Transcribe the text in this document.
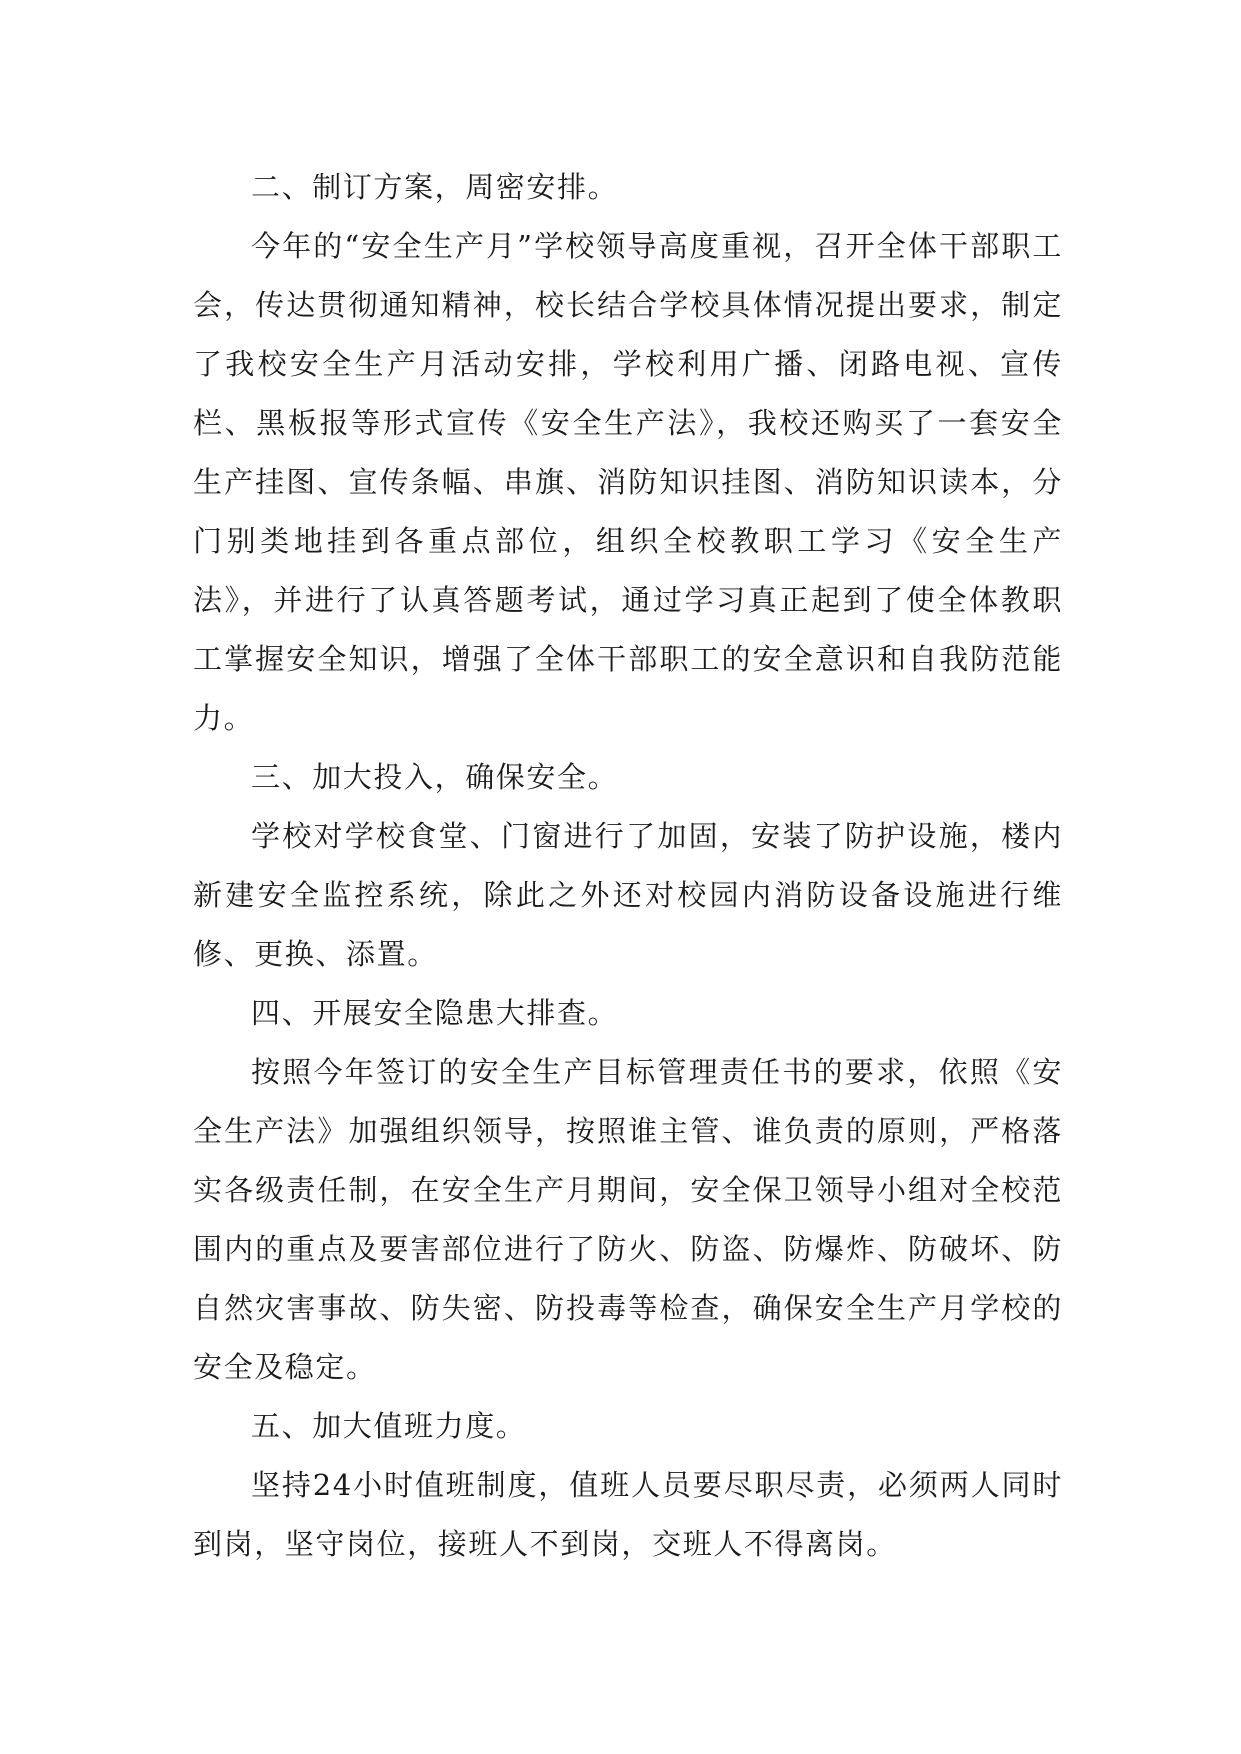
二、制订方案，周密安排。

今年的“安全生产月”学校领导高度重视，召开全体干部职工会，传达贯彻通知精神，校长结合学校具体情况提出要求，制定了我校安全生产月活动安排，学校利用广播、闭路电视、宣传栏、黑板报等形式宣传《安全生产法》，我校还购买了一套安全生产挂图、宣传条幅、串旗、消防知识挂图、消防知识读本，分门别类地挂到各重点部位，组织全校教职工学习《安全生产法》，并进行了认真答题考试，通过学习真正起到了使全体教职工掌握安全知识，增强了全体干部职工的安全意识和自我防范能力。

三、加大投入，确保安全。

学校对学校食堂、门窗进行了加固，安装了防护设施，楼内新建安全监控系统，除此之外还对校园内消防设备设施进行维修、更换、添置。

四、开展安全隐患大排查。

按照今年签订的安全生产目标管理责任书的要求，依照《安全生产法》加强组织领导，按照谁主管、谁负责的原则，严格落实各级责任制，在安全生产月期间，安全保卫领导小组对全校范围内的重点及要害部位进行了防火、防盗、防爆炸、防破坏、防自然灾害事故、防失密、防投毒等检查，确保安全生产月学校的安全及稳定。

五、加大值班力度。

坚持24小时值班制度，值班人员要尽职尽责，必须两人同时到岗，坚守岗位，接班人不到岗，交班人不得离岗。
